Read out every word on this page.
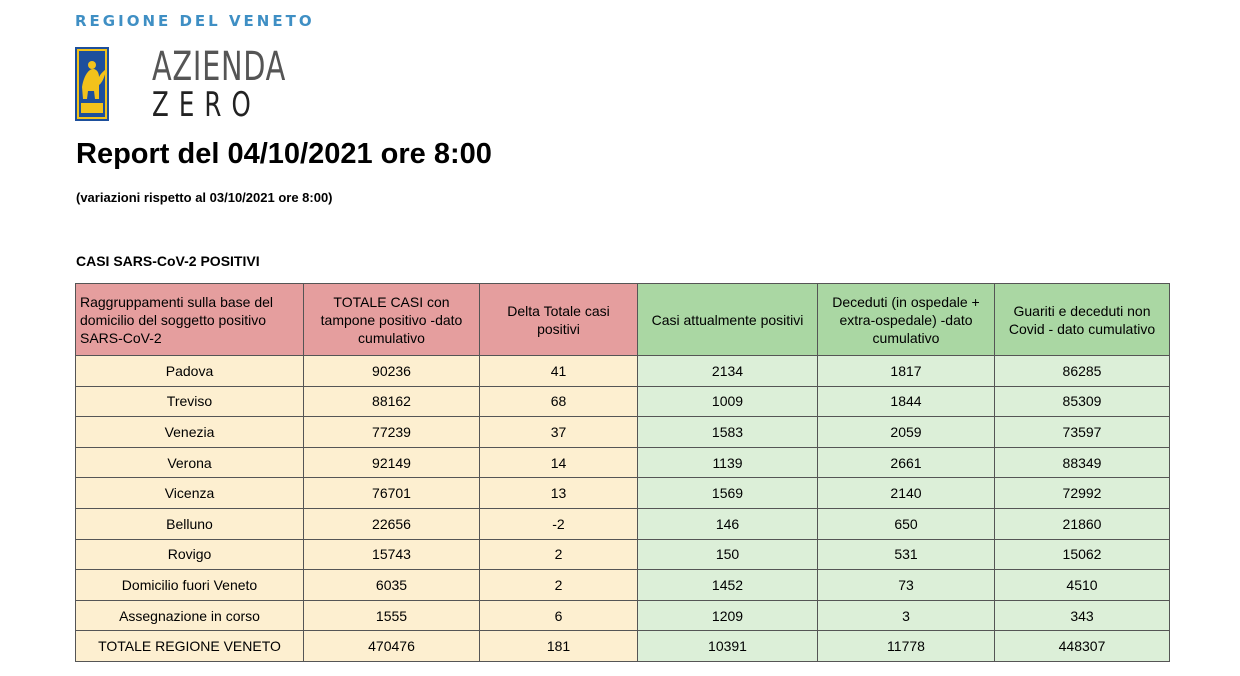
REGIONE DEL VENETO
AZIENDA
ZERO
Report del 04/10/2021 ore 8:00
(variazioni rispetto al 03/10/2021 ore 8:00)
CASI SARS-CoV-2 POSITIVI
Raggruppamenti sulla base del domicilio del soggetto positivo SARS-CoV-2	TOTALE CASI con tampone positivo -dato cumulativo	Delta Totale casi positivi	Casi attualmente positivi	Deceduti (in ospedale + extra-ospedale) -dato cumulativo	Guariti e deceduti non Covid - dato cumulativo
Padova	90236	41	2134	1817	86285
Treviso	88162	68	1009	1844	85309
Venezia	77239	37	1583	2059	73597
Verona	92149	14	1139	2661	88349
Vicenza	76701	13	1569	2140	72992
Belluno	22656	-2	146	650	21860
Rovigo	15743	2	150	531	15062
Domicilio fuori Veneto	6035	2	1452	73	4510
Assegnazione in corso	1555	6	1209	3	343
TOTALE REGIONE VENETO	470476	181	10391	11778	448307
